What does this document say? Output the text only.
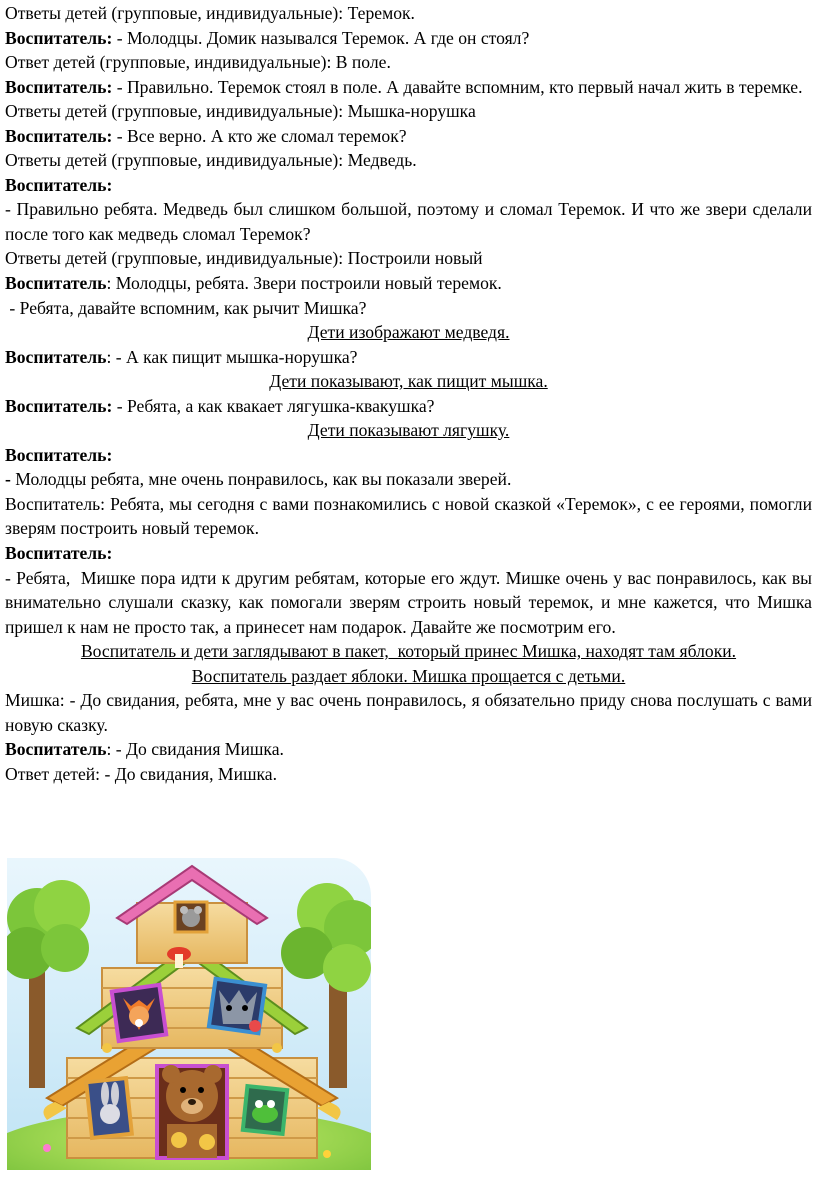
Ответы детей (групповые, индивидуальные): Теремок.

Воспитатель: - Молодцы. Домик назывался Теремок. А где он стоял?

Ответ детей (групповые, индивидуальные): В поле.

Воспитатель: - Правильно. Теремок стоял в поле. А давайте вспомним, кто первый начал жить в теремке.

Ответы детей (групповые, индивидуальные): Мышка-норушка

Воспитатель: - Все верно. А кто же сломал теремок?

Ответы детей (групповые, индивидуальные): Медведь.

Воспитатель:

- Правильно ребята. Медведь был слишком большой, поэтому и сломал Теремок. И что же звери сделали после того как медведь сломал Теремок?

Ответы детей (групповые, индивидуальные): Построили новый

Воспитатель: Молодцы, ребята. Звери построили новый теремок.

- Ребята, давайте вспомним, как рычит Мишка?

Дети изображают медведя.

Воспитатель: - А как пищит мышка-норушка?

Дети показывают, как пищит мышка.

Воспитатель: - Ребята, а как квакает лягушка-квакушка?

Дети показывают лягушку.

Воспитатель:

- Молодцы ребята, мне очень понравилось, как вы показали зверей.

Воспитатель: Ребята, мы сегодня с вами познакомились с новой сказкой «Теремок», с ее героями, помогли зверям построить новый теремок.

Воспитатель:

- Ребята,  Мишке пора идти к другим ребятам, которые его ждут. Мишке очень у вас понравилось, как вы внимательно слушали сказку, как помогали зверям строить новый теремок, и мне кажется, что Мишка пришел к нам не просто так, а принесет нам подарок. Давайте же посмотрим его.

Воспитатель и дети заглядывают в пакет,  который принес Мишка, находят там яблоки.

Воспитатель раздает яблоки. Мишка прощается с детьми.

Мишка: - До свидания, ребята, мне у вас очень понравилось, я обязательно приду снова послушать с вами новую сказку.

Воспитатель: - До свидания Мишка.

Ответ детей: - До свидания, Мишка.
